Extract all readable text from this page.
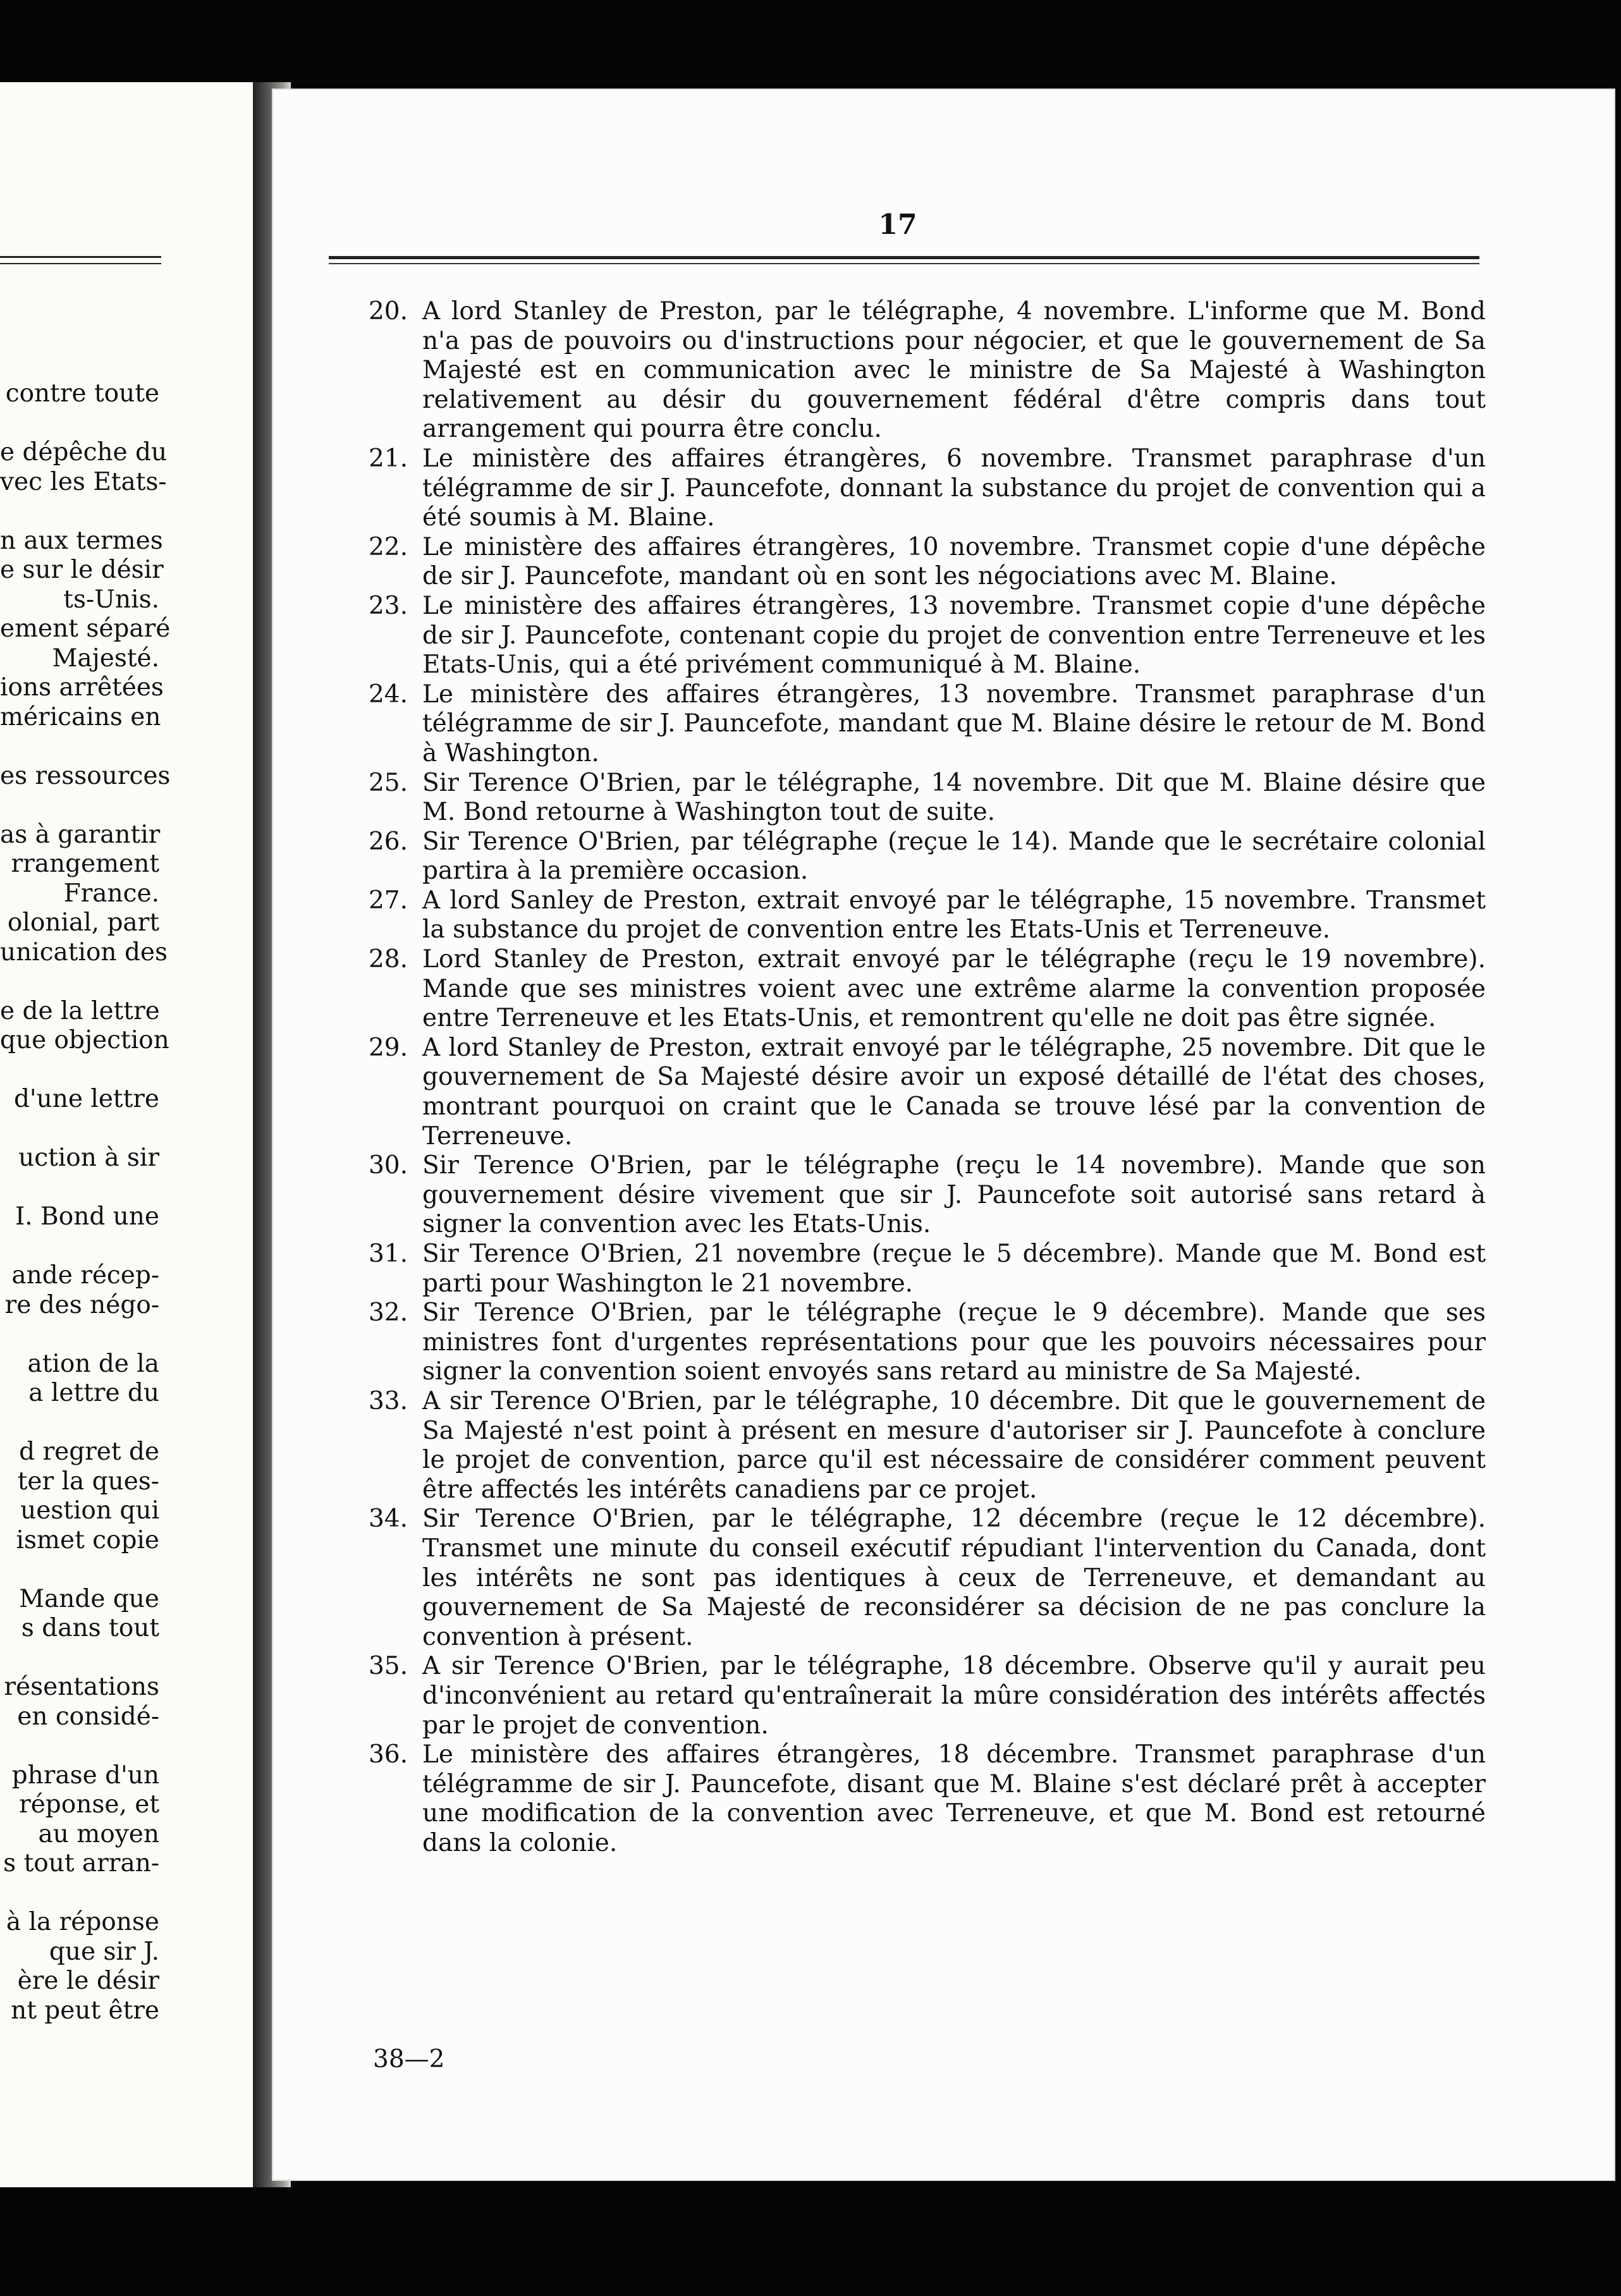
contre toute
e dépêche du
vec les Etats-
n aux termes
e sur le désir
ts-Unis.
ement séparé
Majesté.
ions arrêtées
méricains en
es ressources
as à garantir
rrangement
France.
olonial, part
unication des
e de la lettre
que objection
d'une lettre
uction à sir
I. Bond une
ande récep-
re des négo-
ation de la
a lettre du
d regret de
ter la ques-
uestion qui
ismet copie
Mande que
s dans tout
résentations
en considé-
phrase d'un
réponse, et
au moyen
s tout arran-
à la réponse
que sir J.
ère le désir
nt peut être
17
20. A lord Stanley de Preston, par le télégraphe, 4 novembre. L'informe que M. Bond n'a pas de pouvoirs ou d'instructions pour négocier, et que le gouvernement de Sa Majesté est en communication avec le ministre de Sa Majesté à Washington relativement au désir du gouvernement fédéral d'être compris dans tout arrangement qui pourra être conclu.
21. Le ministère des affaires étrangères, 6 novembre. Transmet paraphrase d'un télégramme de sir J. Pauncefote, donnant la substance du projet de convention qui a été soumis à M. Blaine.
22. Le ministère des affaires étrangères, 10 novembre. Transmet copie d'une dépêche de sir J. Pauncefote, mandant où en sont les négociations avec M. Blaine.
23. Le ministère des affaires étrangères, 13 novembre. Transmet copie d'une dépêche de sir J. Pauncefote, contenant copie du projet de convention entre Terreneuve et les Etats-Unis, qui a été privément communiqué à M. Blaine.
24. Le ministère des affaires étrangères, 13 novembre. Transmet paraphrase d'un télégramme de sir J. Pauncefote, mandant que M. Blaine désire le retour de M. Bond à Washington.
25. Sir Terence O'Brien, par le télégraphe, 14 novembre. Dit que M. Blaine désire que M. Bond retourne à Washington tout de suite.
26. Sir Terence O'Brien, par télégraphe (reçue le 14). Mande que le secrétaire colonial partira à la première occasion.
27. A lord Sanley de Preston, extrait envoyé par le télégraphe, 15 novembre. Transmet la substance du projet de convention entre les Etats-Unis et Terreneuve.
28. Lord Stanley de Preston, extrait envoyé par le télégraphe (reçu le 19 novembre). Mande que ses ministres voient avec une extrême alarme la convention proposée entre Terreneuve et les Etats-Unis, et remontrent qu'elle ne doit pas être signée.
29. A lord Stanley de Preston, extrait envoyé par le télégraphe, 25 novembre. Dit que le gouvernement de Sa Majesté désire avoir un exposé détaillé de l'état des choses, montrant pourquoi on craint que le Canada se trouve lésé par la convention de Terreneuve.
30. Sir Terence O'Brien, par le télégraphe (reçu le 14 novembre). Mande que son gouvernement désire vivement que sir J. Pauncefote soit autorisé sans retard à signer la convention avec les Etats-Unis.
31. Sir Terence O'Brien, 21 novembre (reçue le 5 décembre). Mande que M. Bond est parti pour Washington le 21 novembre.
32. Sir Terence O'Brien, par le télégraphe (reçue le 9 décembre). Mande que ses ministres font d'urgentes représentations pour que les pouvoirs nécessaires pour signer la convention soient envoyés sans retard au ministre de Sa Majesté.
33. A sir Terence O'Brien, par le télégraphe, 10 décembre. Dit que le gouvernement de Sa Majesté n'est point à présent en mesure d'autoriser sir J. Pauncefote à conclure le projet de convention, parce qu'il est nécessaire de considérer comment peuvent être affectés les intérêts canadiens par ce projet.
34. Sir Terence O'Brien, par le télégraphe, 12 décembre (reçue le 12 décembre). Transmet une minute du conseil exécutif répudiant l'intervention du Canada, dont les intérêts ne sont pas identiques à ceux de Terreneuve, et demandant au gouvernement de Sa Majesté de reconsidérer sa décision de ne pas conclure la convention à présent.
35. A sir Terence O'Brien, par le télégraphe, 18 décembre. Observe qu'il y aurait peu d'inconvénient au retard qu'entraînerait la mûre considération des intérêts affectés par le projet de convention.
36. Le ministère des affaires étrangères, 18 décembre. Transmet paraphrase d'un télégramme de sir J. Pauncefote, disant que M. Blaine s'est déclaré prêt à accepter une modification de la convention avec Terreneuve, et que M. Bond est retourné dans la colonie.
38—2
